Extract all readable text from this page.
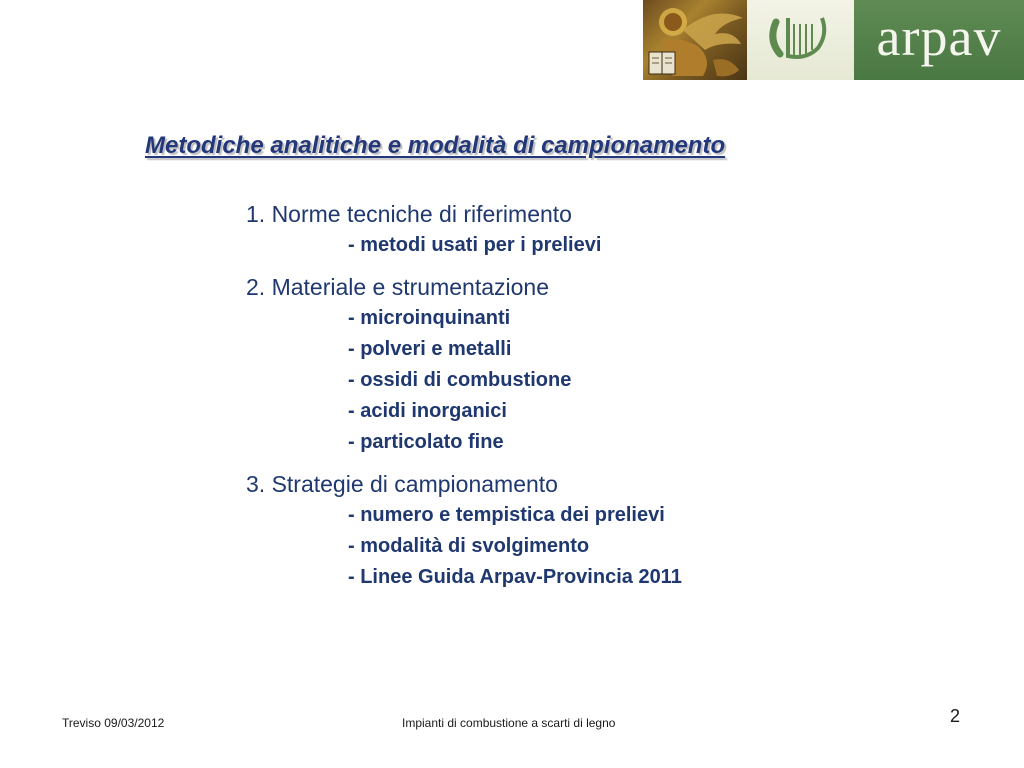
arpav
Metodiche analitiche e modalità di campionamento
1. Norme tecniche di riferimento
- metodi usati per i prelievi
2. Materiale e strumentazione
- microinquinanti
- polveri e metalli
- ossidi di combustione
- acidi inorganici
- particolato fine
3. Strategie di campionamento
- numero e tempistica dei prelievi
- modalità di svolgimento
- Linee Guida Arpav-Provincia 2011
Treviso 09/03/2012	Impianti di combustione a scarti di legno	2
